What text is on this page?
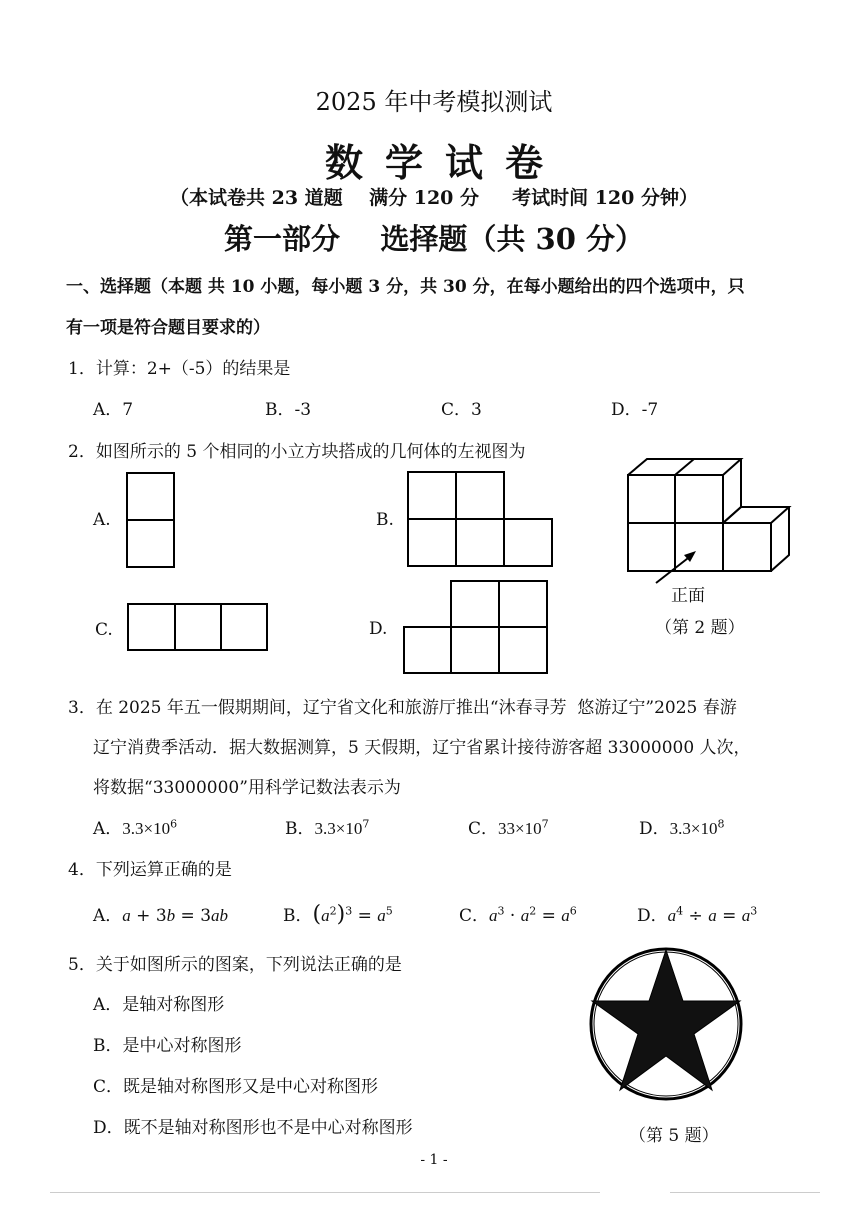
2025 年中考模拟测试
数学试卷
（本试卷共 23 道题    满分 120 分     考试时间 120 分钟）
第一部分    选择题（共 30 分）
一、选择题（本题 共 10 小题，每小题 3 分，共 30 分，在每小题给出的四个选项中，只
有一项是符合题目要求的）
1．计算：2+（-5）的结果是
A．7	B．-3	C．3	D．-7
2．如图所示的 5 个相同的小立方块搭成的几何体的左视图为
A.	B.
C.	D.
正面
（第 2 题）
3．在 2025 年五一假期期间，辽宁省文化和旅游厅推出“沐春寻芳  悠游辽宁”2025 春游
辽宁消费季活动．据大数据测算，5 天假期，辽宁省累计接待游客超 33000000 人次，
将数据“33000000”用科学记数法表示为
A．$3.3\times 10^6$	B．$3.3\times 10^7$	C．$33\times 10^7$	D．$3.3\times 10^8$
4．下列运算正确的是
A．a + 3b = 3ab	B．$(a^2)^3 = a^5$	C．$a^3 \cdot a^2 = a^6$	D．$a^4 \div a = a^3$
5．关于如图所示的图案，下列说法正确的是
A．是轴对称图形
B．是中心对称图形
C．既是轴对称图形又是中心对称图形
D．既不是轴对称图形也不是中心对称图形	（第 5 题）
- 1 -
